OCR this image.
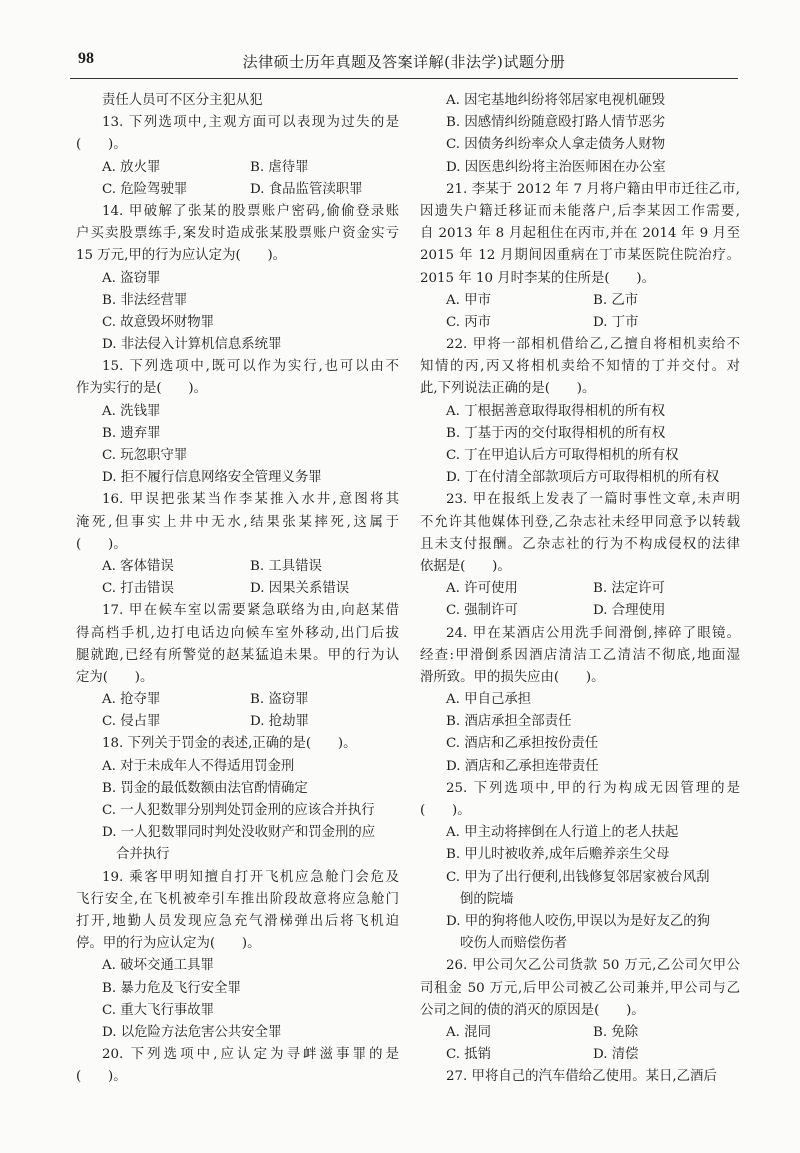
98	法律硕士历年真题及答案详解(非法学)试题分册
责任人员可不区分主犯从犯
13. 下列选项中,主观方面可以表现为过失的是
(　　)。
A. 放火罪	B. 虐待罪
C. 危险驾驶罪	D. 食品监管渎职罪
14. 甲破解了张某的股票账户密码,偷偷登录账
户买卖股票练手,案发时造成张某股票账户资金实亏
15 万元,甲的行为应认定为(　　)。
A. 盗窃罪
B. 非法经营罪
C. 故意毁坏财物罪
D. 非法侵入计算机信息系统罪
15. 下列选项中,既可以作为实行,也可以由不
作为实行的是(　　)。
A. 洗钱罪
B. 遗弃罪
C. 玩忽职守罪
D. 拒不履行信息网络安全管理义务罪
16. 甲误把张某当作李某推入水井,意图将其
淹死,但事实上井中无水,结果张某摔死,这属于
(　　)。
A. 客体错误	B. 工具错误
C. 打击错误	D. 因果关系错误
17. 甲在候车室以需要紧急联络为由,向赵某借
得高档手机,边打电话边向候车室外移动,出门后拔
腿就跑,已经有所警觉的赵某猛追未果。甲的行为认
定为(　　)。
A. 抢夺罪	B. 盗窃罪
C. 侵占罪	D. 抢劫罪
18. 下列关于罚金的表述,正确的是(　　)。
A. 对于未成年人不得适用罚金刑
B. 罚金的最低数额由法官酌情确定
C. 一人犯数罪分别判处罚金刑的应该合并执行
D. 一人犯数罪同时判处没收财产和罚金刑的应
合并执行
19. 乘客甲明知擅自打开飞机应急舱门会危及
飞行安全,在飞机被牵引车推出阶段故意将应急舱门
打开,地勤人员发现应急充气滑梯弹出后将飞机迫
停。甲的行为应认定为(　　)。
A. 破坏交通工具罪
B. 暴力危及飞行安全罪
C. 重大飞行事故罪
D. 以危险方法危害公共安全罪
20. 下列选项中,应认定为寻衅滋事罪的是
(　　)。
A. 因宅基地纠纷将邻居家电视机砸毁
B. 因感情纠纷随意殴打路人情节恶劣
C. 因债务纠纷率众人拿走债务人财物
D. 因医患纠纷将主治医师困在办公室
21. 李某于 2012 年 7 月将户籍由甲市迁往乙市,
因遗失户籍迁移证而未能落户,后李某因工作需要,
自 2013 年 8 月起租住在丙市,并在 2014 年 9 月至
2015 年 12 月期间因重病在丁市某医院住院治疗。
2015 年 10 月时李某的住所是(　　)。
A. 甲市	B. 乙市
C. 丙市	D. 丁市
22. 甲将一部相机借给乙,乙擅自将相机卖给不
知情的丙,丙又将相机卖给不知情的丁并交付。对
此,下列说法正确的是(　　)。
A. 丁根据善意取得取得相机的所有权
B. 丁基于丙的交付取得相机的所有权
C. 丁在甲追认后方可取得相机的所有权
D. 丁在付清全部款项后方可取得相机的所有权
23. 甲在报纸上发表了一篇时事性文章,未声明
不允许其他媒体刊登,乙杂志社未经甲同意予以转载
且未支付报酬。乙杂志社的行为不构成侵权的法律
依据是(　　)。
A. 许可使用	B. 法定许可
C. 强制许可	D. 合理使用
24. 甲在某酒店公用洗手间滑倒,摔碎了眼镜。
经查:甲滑倒系因酒店清洁工乙清洁不彻底,地面湿
滑所致。甲的损失应由(　　)。
A. 甲自己承担
B. 酒店承担全部责任
C. 酒店和乙承担按份责任
D. 酒店和乙承担连带责任
25. 下列选项中,甲的行为构成无因管理的是
(　　)。
A. 甲主动将摔倒在人行道上的老人扶起
B. 甲儿时被收养,成年后赡养亲生父母
C. 甲为了出行便利,出钱修复邻居家被台风刮
倒的院墙
D. 甲的狗将他人咬伤,甲误以为是好友乙的狗
咬伤人而赔偿伤者
26. 甲公司欠乙公司货款 50 万元,乙公司欠甲公
司租金 50 万元,后甲公司被乙公司兼并,甲公司与乙
公司之间的债的消灭的原因是(　　)。
A. 混同	B. 免除
C. 抵销	D. 清偿
27. 甲将自己的汽车借给乙使用。某日,乙酒后
